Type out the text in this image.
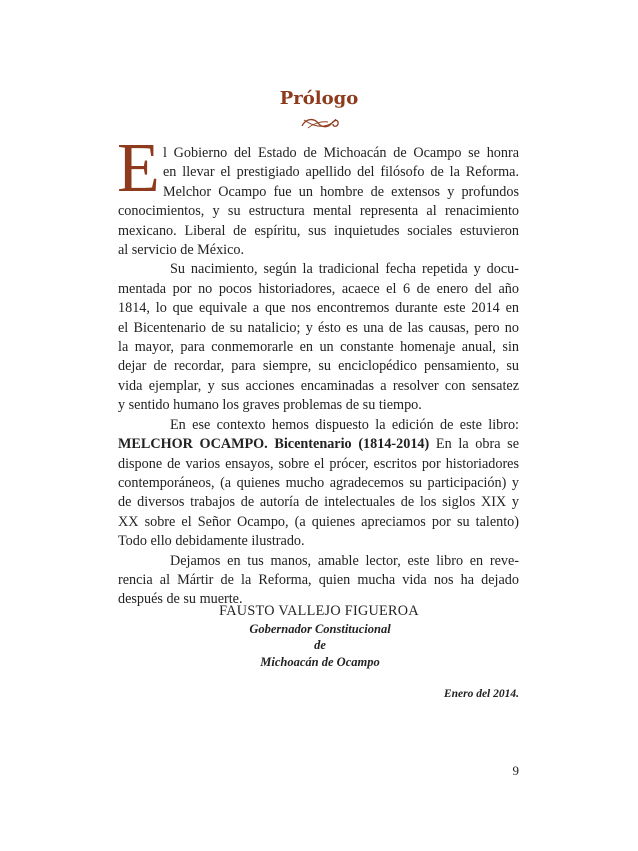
Prólogo
E l Gobierno del Estado de Michoacán de Ocampo se honra
en llevar el prestigiado apellido del filósofo de la Reforma.
Melchor Ocampo fue un hombre de extensos y profundos
conocimientos, y su estructura mental representa al renacimiento
mexicano. Liberal de espíritu, sus inquietudes sociales estuvieron
al servicio de México.
Su nacimiento, según la tradicional fecha repetida y docu-
mentada por no pocos historiadores, acaece el 6 de enero del año
1814, lo que equivale a que nos encontremos durante este 2014 en
el Bicentenario de su natalicio; y ésto es una de las causas, pero no
la mayor, para conmemorarle en un constante homenaje anual, sin
dejar de recordar, para siempre, su enciclopédico pensamiento, su
vida ejemplar, y sus acciones encaminadas a resolver con sensatez
y sentido humano los graves problemas de su tiempo.
En ese contexto hemos dispuesto la edición de este libro:
MELCHOR OCAMPO. Bicentenario (1814-2014) En la obra se
dispone de varios ensayos, sobre el prócer, escritos por historiadores
contemporáneos, (a quienes mucho agradecemos su participación) y
de diversos trabajos de autoría de intelectuales de los siglos XIX y
XX sobre el Señor Ocampo, (a quienes apreciamos por su talento)
Todo ello debidamente ilustrado.
Dejamos en tus manos, amable lector, este libro en reve-
rencia al Mártir de la Reforma, quien mucha vida nos ha dejado
después de su muerte.
FAUSTO VALLEJO FIGUEROA
Gobernador Constitucional
de
Michoacán de Ocampo
Enero del 2014.
9
